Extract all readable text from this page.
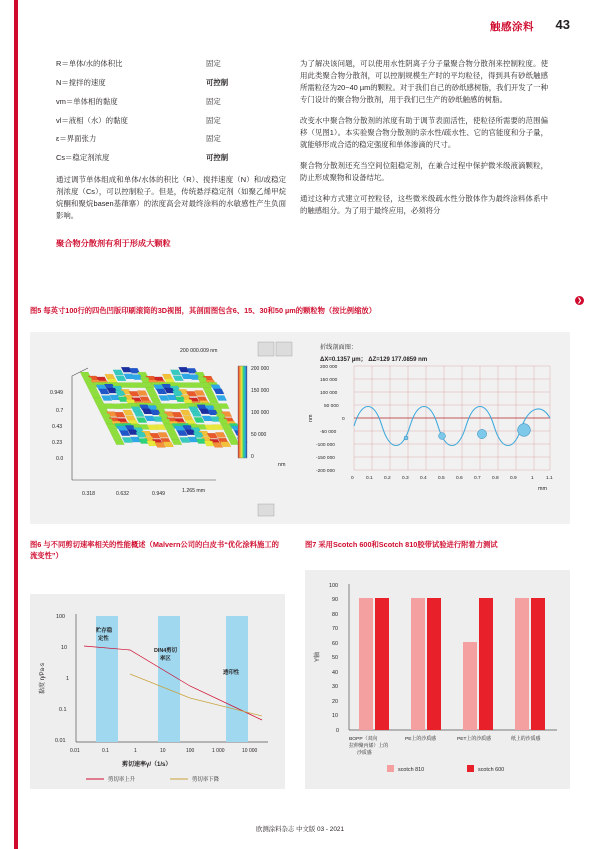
触感涂料 43
R＝单体/水的体积比	固定
N＝搅拌的速度	可控制
vm＝单体相的黏度	固定
vl＝液相（水）的黏度	固定
ε＝界面张力	固定
Cs＝稳定剂浓度	可控制

通过调节单体组成和单体/水体的积比（R）、搅拌速度（N）和/或稳定剂浓度（Cs），可以控制粒子。但是，传统悬浮稳定剂（如聚乙烯甲烷烷酮和聚烷basen基葎寨）的浓度高会对最终涂料的水敏感性产生负面影响。

聚合物分散剂有利于形成大颗粒

为了解决该问题，可以使用水性阴离子分子量聚合物分散剂来控制粒度。使用此类聚合物分散剂，可以控制规模生产时的平均粒径，得到具有砂纸触感所需粒径为20~40 µm的颗粒。对于我们自己的砂纸感树脂，我们开发了一种专门设计的聚合物分散剂，用于我们已生产的砂纸触感的树脂。

改变水中聚合物分散剂的浓度有助于调节表面活性，使粒径所需要的范围偏移（见图1）。本实验聚合物分散剂的亲水性/疏水性、它的官能度和分子量，就能够形成合适的稳定强度和单体渗滴的尺寸。

聚合物分散剂还充当空间位阻稳定剂，在兼合过程中保护微米级液滴颗粒，防止形成聚物和设备结坨。

通过这种方式建立可控粒径，这些微米级疏水性分散体作为最终涂料体系中的触感组分。为了用于最终应用，必须将分

❯
图5 每英寸100行的四色凹版印刷滚筒的3D视图，其剖面图包含6、15、30和50 µm的颗粒物（按比例缩放）
200 000.009 nm
0.949
0.7
0.43
0.23
0.0
0.318	0.632	0.949	1.265 mm
200 000
150 000
100 000
50 000
0
nm
折线剖面图：
ΔX=0.1357 µm； ΔZ=129 177.0859 nm
200 000
150 000
100 000
50 000
0
-50 000
-100 000
-150 000
-200 000
nm
0	0.1 0.2 0.3 0.4 0.5 0.6 0.7 0.8 0.9	1	1.1
mm
图6 与不同剪切速率相关的性能概述（Malvern公司的白皮书“优化涂料施工的流变性”）
图7 采用Scotch 600和Scotch 810胶带试验进行附着力测试
100
10
1
0.1
0.01
黏度 η/Pa·s
贮存稳
定性
DIN4剪切
率区
透印性
0.01	0.1	1	10	100	1 000	10 000
剪切速率γ/（1/s）
剪切率上升	剪切率下降
100
90
80
70
60
50
40
30
20
10
0
Y轴
BOPP（双向
拉伸聚丙烯）上的
沙质感
PE上的沙质感	PET上的沙质感	纸上的沙质感
scotch 810	scotch 600
欧测涂料杂志 中文版 03 - 2021
